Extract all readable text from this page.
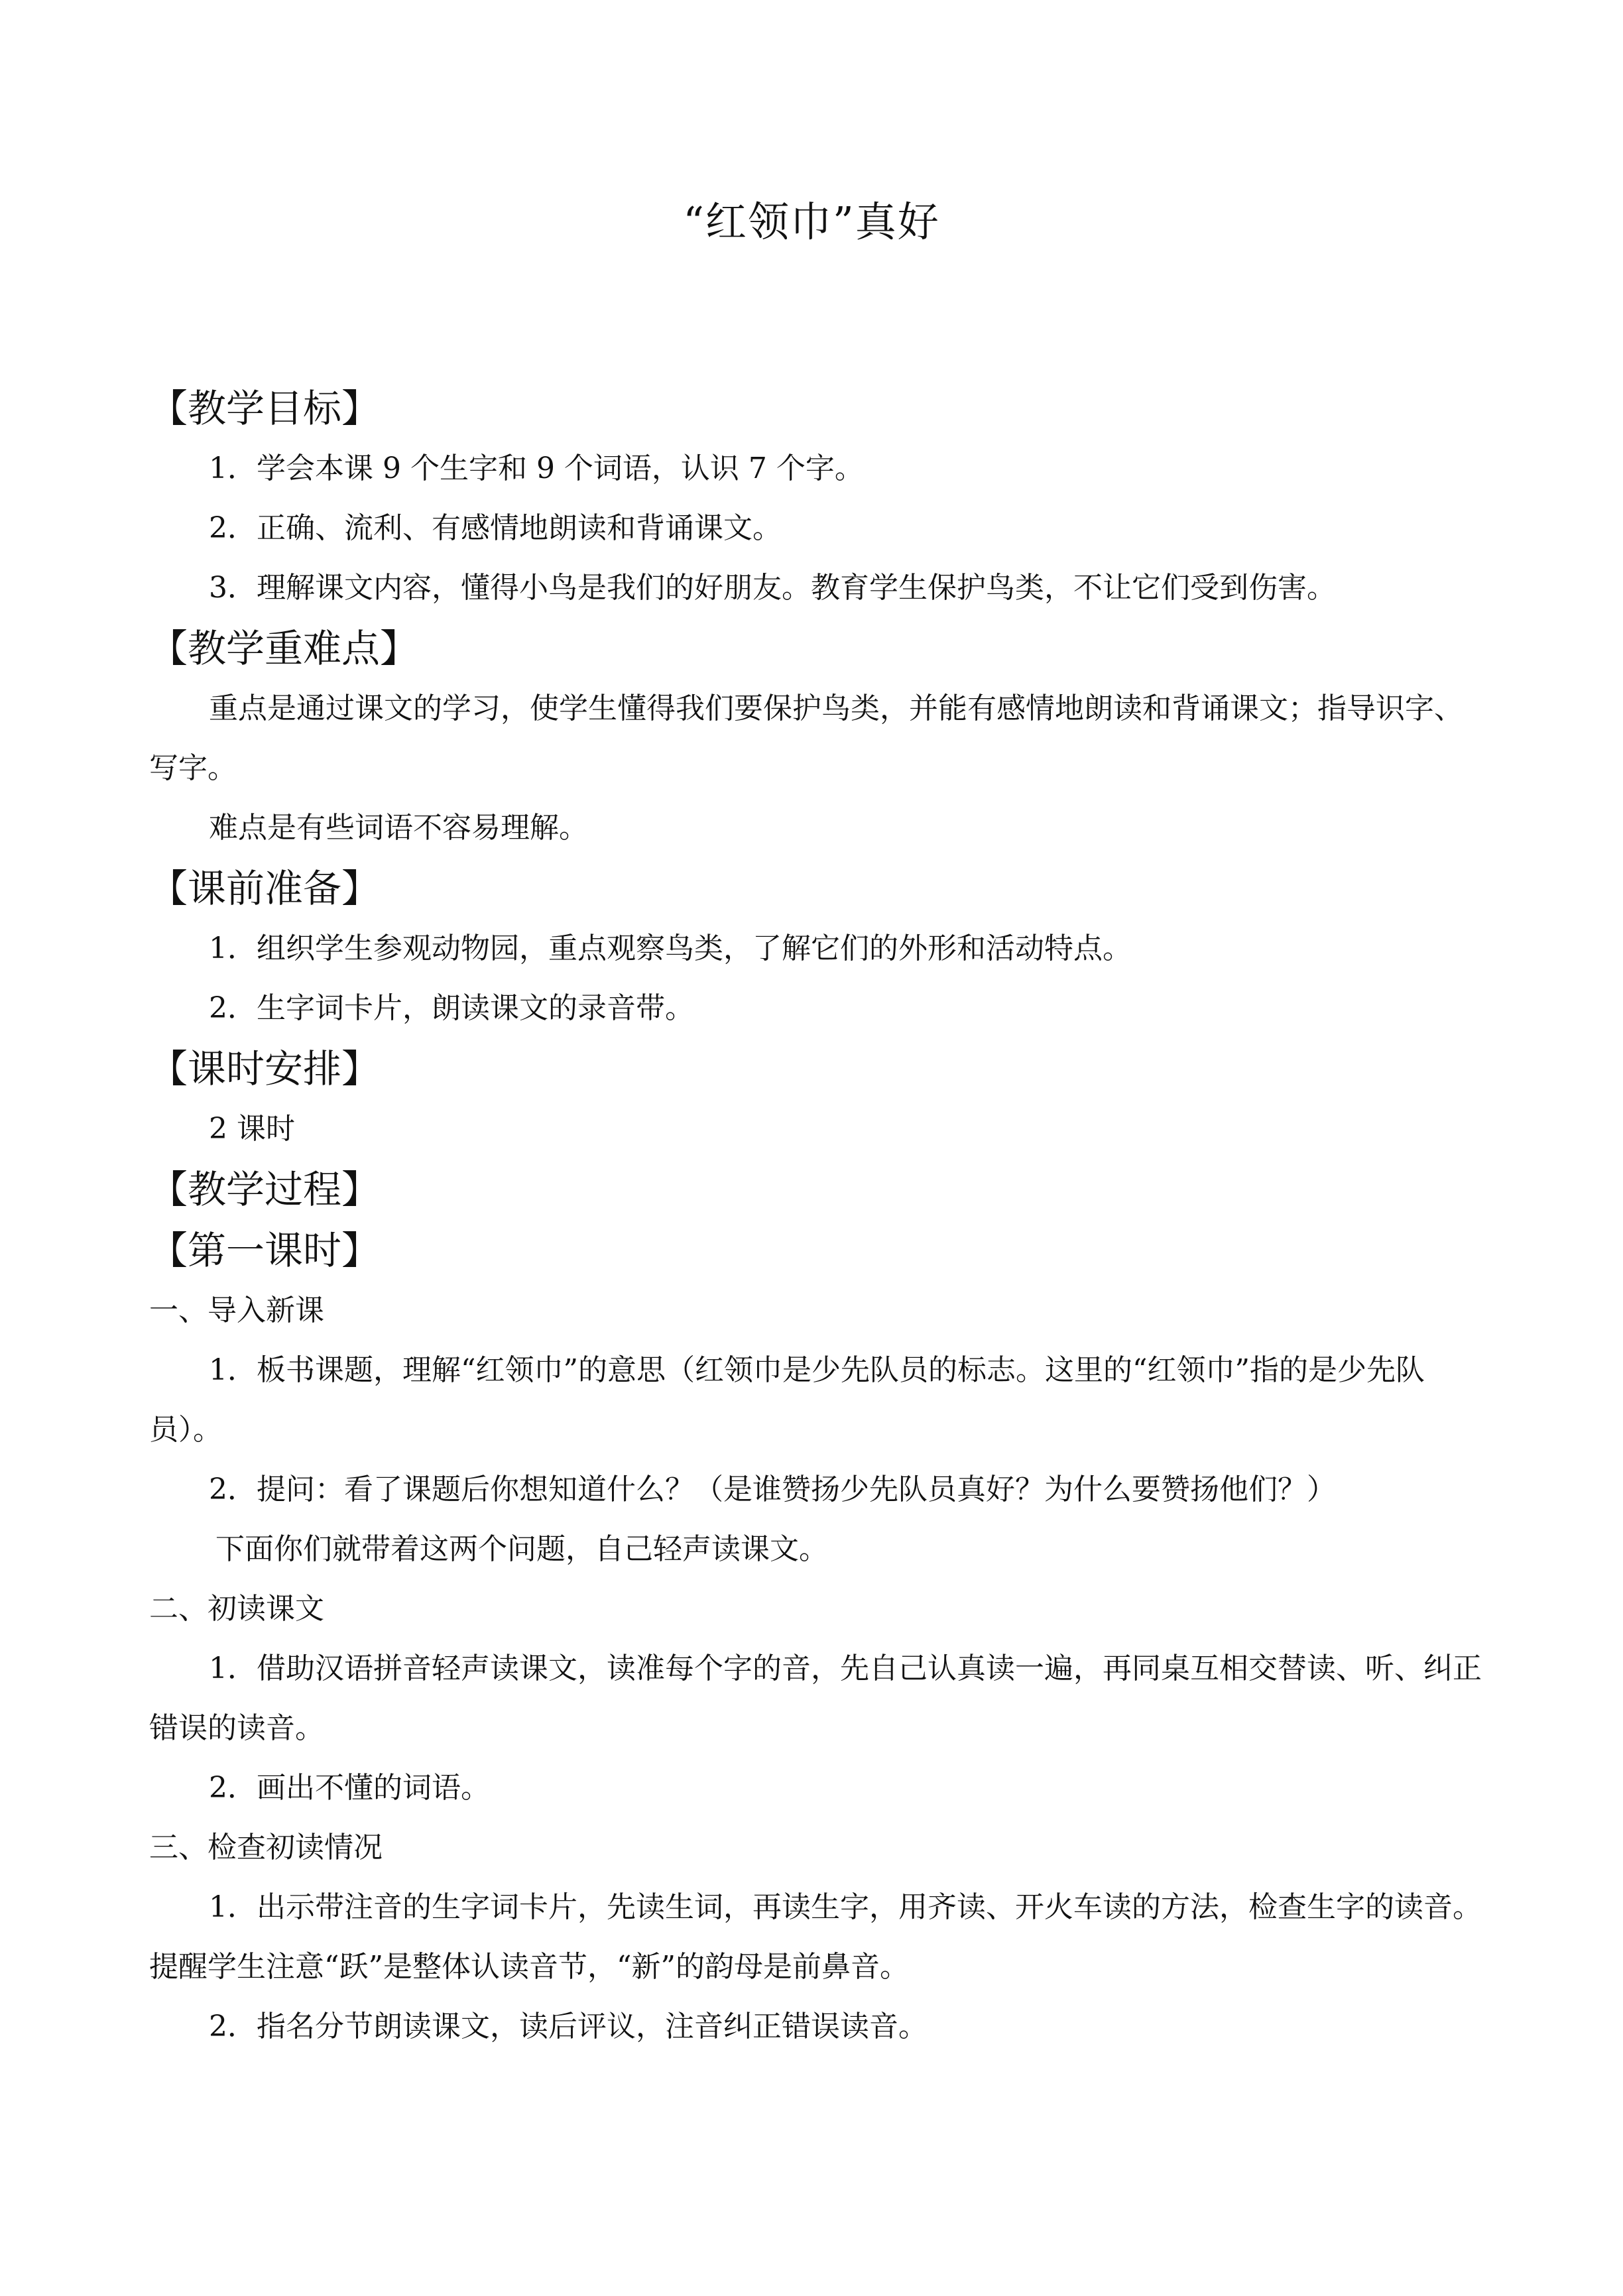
“红领巾”真好

【教学目标】

1．学会本课 9 个生字和 9 个词语，认识 7 个字。

2．正确、流利、有感情地朗读和背诵课文。

3．理解课文内容，懂得小鸟是我们的好朋友。教育学生保护鸟类，不让它们受到伤害。

【教学重难点】

重点是通过课文的学习，使学生懂得我们要保护鸟类，并能有感情地朗读和背诵课文；指导识字、写字。

难点是有些词语不容易理解。

【课前准备】

1．组织学生参观动物园，重点观察鸟类，了解它们的外形和活动特点。

2．生字词卡片，朗读课文的录音带。

【课时安排】

2 课时

【教学过程】

【第一课时】

一、导入新课

1．板书课题，理解“红领巾”的意思（红领巾是少先队员的标志。这里的“红领巾”指的是少先队员）。

2．提问：看了课题后你想知道什么？（是谁赞扬少先队员真好？为什么要赞扬他们？）

下面你们就带着这两个问题，自己轻声读课文。

二、初读课文

1．借助汉语拼音轻声读课文，读准每个字的音，先自己认真读一遍，再同桌互相交替读、听、纠正错误的读音。

2．画出不懂的词语。

三、检查初读情况

1．出示带注音的生字词卡片，先读生词，再读生字，用齐读、开火车读的方法，检查生字的读音。提醒学生注意“跃”是整体认读音节，“新”的韵母是前鼻音。

2．指名分节朗读课文，读后评议，注音纠正错误读音。
